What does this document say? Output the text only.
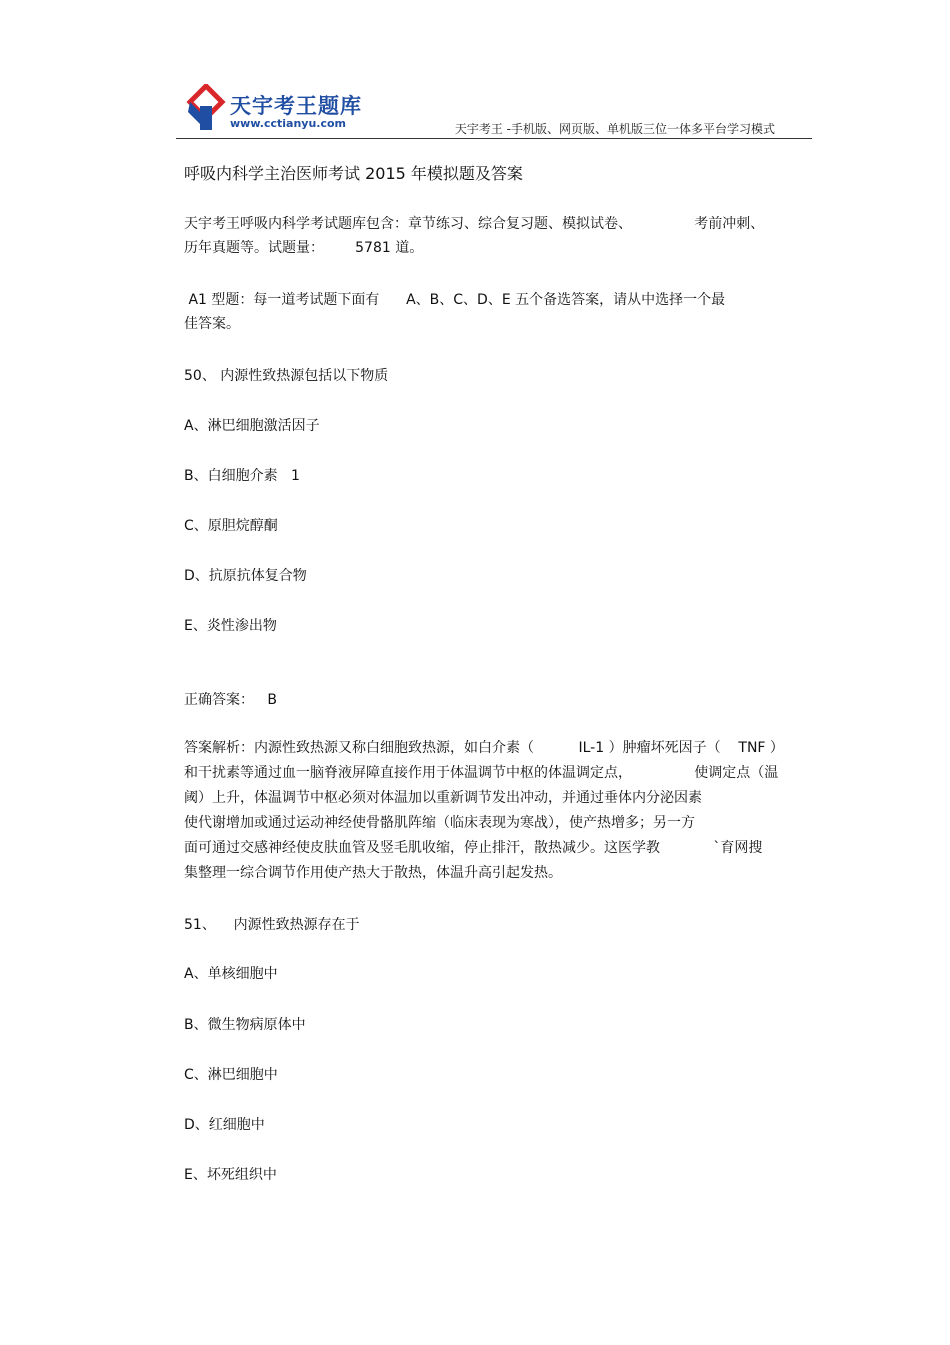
天宇考王题库
www.cctianyu.com	天宇考王 -手机版、网页版、单机版三位一体多平台学习模式
呼吸内科学主治医师考试 2015 年模拟题及答案
天宇考王呼吸内科学考试题库包含：章节练习、综合复习题、模拟试卷、              考前冲刺、
历年真题等。试题量：       5781 道。
A1 型题：每一道考试题下面有      A、B、C、D、E 五个备选答案，请从中选择一个最
佳答案。
50、 内源性致热源包括以下物质
A、淋巴细胞激活因子
B、白细胞介素   1
C、原胆烷醇酮
D、抗原抗体复合物
E、炎性渗出物
正确答案：   B
答案解析：内源性致热源又称白细胞致热源，如白介素（          IL-1 ）肿瘤坏死因子（    TNF ）
和干扰素等通过血一脑脊液屏障直接作用于体温调节中枢的体温调定点，              使调定点（温
阈）上升，体温调节中枢必须对体温加以重新调节发出冲动，并通过垂体内分泌因素
使代谢增加或通过运动神经使骨骼肌阵缩（临床表现为寒战），使产热增多；另一方
面可通过交感神经使皮肤血管及竖毛肌收缩，停止排汗，散热减少。这医学教            `育网搜
集整理一综合调节作用使产热大于散热，体温升高引起发热。
51、    内源性致热源存在于
A、单核细胞中
B、微生物病原体中
C、淋巴细胞中
D、红细胞中
E、坏死组织中
